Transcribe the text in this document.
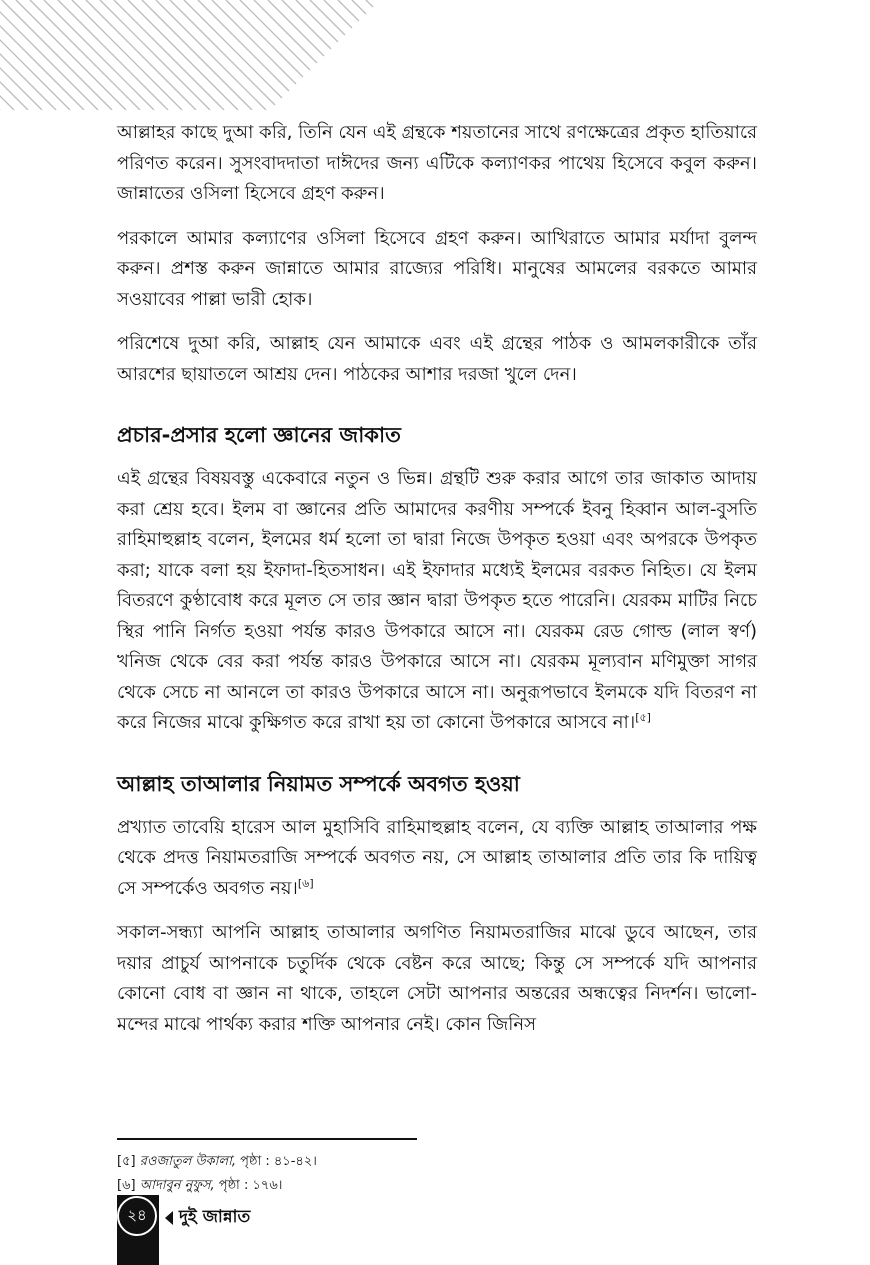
আল্লাহর কাছে দুআ করি, তিনি যেন এই গ্রন্থকে শয়তানের সাথে রণক্ষেত্রের প্রকৃত হাতিয়ারে পরিণত করেন। সুসংবাদদাতা দাঈদের জন্য এটিকে কল্যাণকর পাথেয় হিসেবে কবুল করুন। জান্নাতের ওসিলা হিসেবে গ্রহণ করুন।

পরকালে আমার কল্যাণের ওসিলা হিসেবে গ্রহণ করুন। আখিরাতে আমার মর্যাদা বুলন্দ করুন। প্রশস্ত করুন জান্নাতে আমার রাজ্যের পরিধি। মানুষের আমলের বরকতে আমার সওয়াবের পাল্লা ভারী হোক।

পরিশেষে দুআ করি, আল্লাহ যেন আমাকে এবং এই গ্রন্থের পাঠক ও আমলকারীকে তাঁর আরশের ছায়াতলে আশ্রয় দেন। পাঠকের আশার দরজা খুলে দেন।

প্রচার-প্রসার হলো জ্ঞানের জাকাত

এই গ্রন্থের বিষয়বস্তু একেবারে নতুন ও ভিন্ন। গ্রন্থটি শুরু করার আগে তার জাকাত আদায় করা শ্রেয় হবে। ইলম বা জ্ঞানের প্রতি আমাদের করণীয় সম্পর্কে ইবনু হিব্বান আল-বুসতি রাহিমাহুল্লাহ বলেন, ইলমের ধর্ম হলো তা দ্বারা নিজে উপকৃত হওয়া এবং অপরকে উপকৃত করা; যাকে বলা হয় ইফাদা-হিতসাধন। এই ইফাদার মধ্যেই ইলমের বরকত নিহিত। যে ইলম বিতরণে কুণ্ঠাবোধ করে মূলত সে তার জ্ঞান দ্বারা উপকৃত হতে পারেনি। যেরকম মাটির নিচে স্থির পানি নির্গত হওয়া পর্যন্ত কারও উপকারে আসে না। যেরকম রেড গোল্ড (লাল স্বর্ণ) খনিজ থেকে বের করা পর্যন্ত কারও উপকারে আসে না। যেরকম মূল্যবান মণিমুক্তা সাগর থেকে সেচে না আনলে তা কারও উপকারে আসে না। অনুরূপভাবে ইলমকে যদি বিতরণ না করে নিজের মাঝে কুক্ষিগত করে রাখা হয় তা কোনো উপকারে আসবে না।[৫]

আল্লাহ তাআলার নিয়ামত সম্পর্কে অবগত হওয়া

প্রখ্যাত তাবেয়ি হারেস আল মুহাসিবি রাহিমাহুল্লাহ বলেন, যে ব্যক্তি আল্লাহ তাআলার পক্ষ থেকে প্রদত্ত নিয়ামতরাজি সম্পর্কে অবগত নয়, সে আল্লাহ তাআলার প্রতি তার কি দায়িত্ব সে সম্পর্কেও অবগত নয়।[৬]

সকাল-সন্ধ্যা আপনি আল্লাহ তাআলার অগণিত নিয়ামতরাজির মাঝে ডুবে আছেন, তার দয়ার প্রাচুর্য আপনাকে চতুর্দিক থেকে বেষ্টন করে আছে; কিন্তু সে সম্পর্কে যদি আপনার কোনো বোধ বা জ্ঞান না থাকে, তাহলে সেটা আপনার অন্তরের অন্ধত্বের নিদর্শন। ভালো-মন্দের মাঝে পার্থক্য করার শক্তি আপনার নেই। কোন জিনিস

[৫] রওজাতুল উকালা, পৃষ্ঠা : ৪১-৪২।
[৬] আদাবুন নুফুস, পৃষ্ঠা : ১৭৬।
২৪	দুই জান্নাত
